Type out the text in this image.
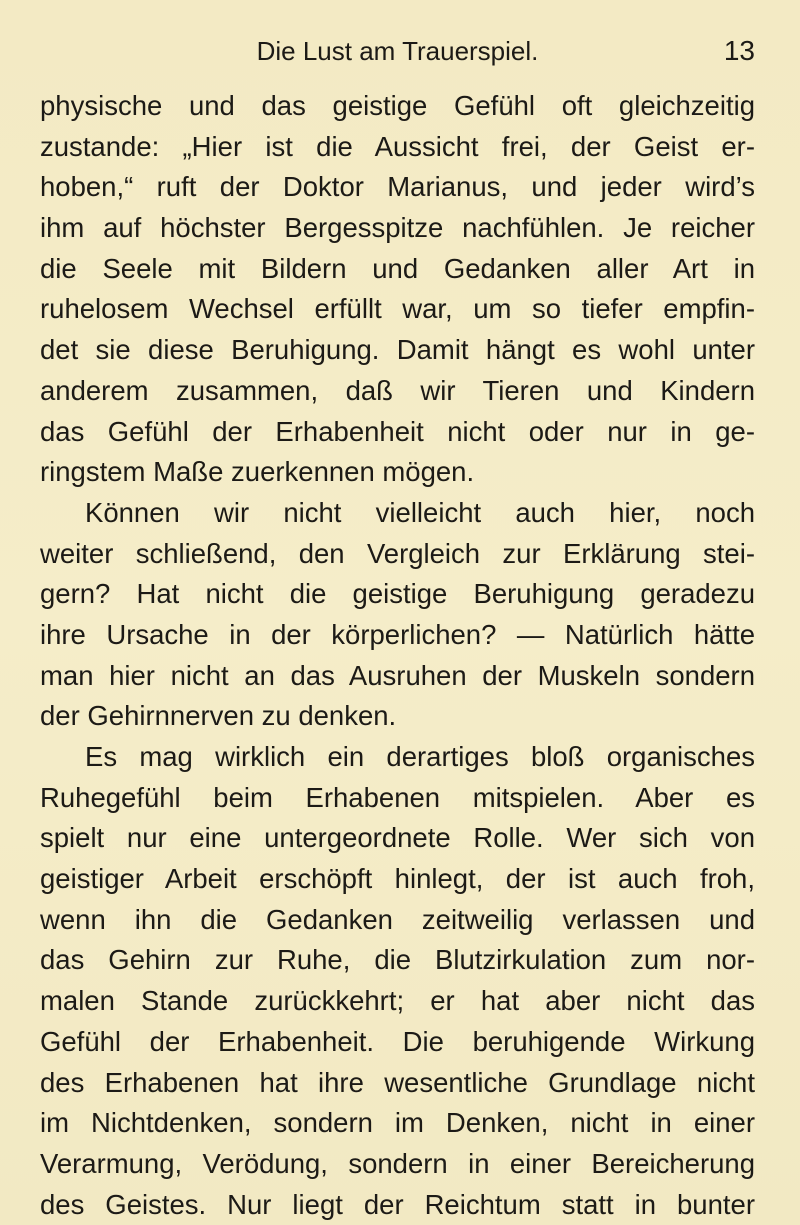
Die Lust am Trauerspiel.	13
physische und das geistige Gefühl oft gleichzeitig
zustande: „Hier ist die Aussicht frei, der Geist er-
hoben,“ ruft der Doktor Marianus, und jeder wird’s
ihm auf höchster Bergesspitze nachfühlen. Je reicher
die Seele mit Bildern und Gedanken aller Art in
ruhelosem Wechsel erfüllt war, um so tiefer empfin-
det sie diese Beruhigung. Damit hängt es wohl unter
anderem zusammen, daß wir Tieren und Kindern
das Gefühl der Erhabenheit nicht oder nur in ge-
ringstem Maße zuerkennen mögen.
Können wir nicht vielleicht auch hier, noch
weiter schließend, den Vergleich zur Erklärung stei-
gern? Hat nicht die geistige Beruhigung geradezu
ihre Ursache in der körperlichen? — Natürlich hätte
man hier nicht an das Ausruhen der Muskeln sondern
der Gehirnnerven zu denken.
Es mag wirklich ein derartiges bloß organisches
Ruhegefühl beim Erhabenen mitspielen. Aber es
spielt nur eine untergeordnete Rolle. Wer sich von
geistiger Arbeit erschöpft hinlegt, der ist auch froh,
wenn ihn die Gedanken zeitweilig verlassen und
das Gehirn zur Ruhe, die Blutzirkulation zum nor-
malen Stande zurückkehrt; er hat aber nicht das
Gefühl der Erhabenheit. Die beruhigende Wirkung
des Erhabenen hat ihre wesentliche Grundlage nicht
im Nichtdenken, sondern im Denken, nicht in einer
Verarmung, Verödung, sondern in einer Bereicherung
des Geistes. Nur liegt der Reichtum statt in bunter
